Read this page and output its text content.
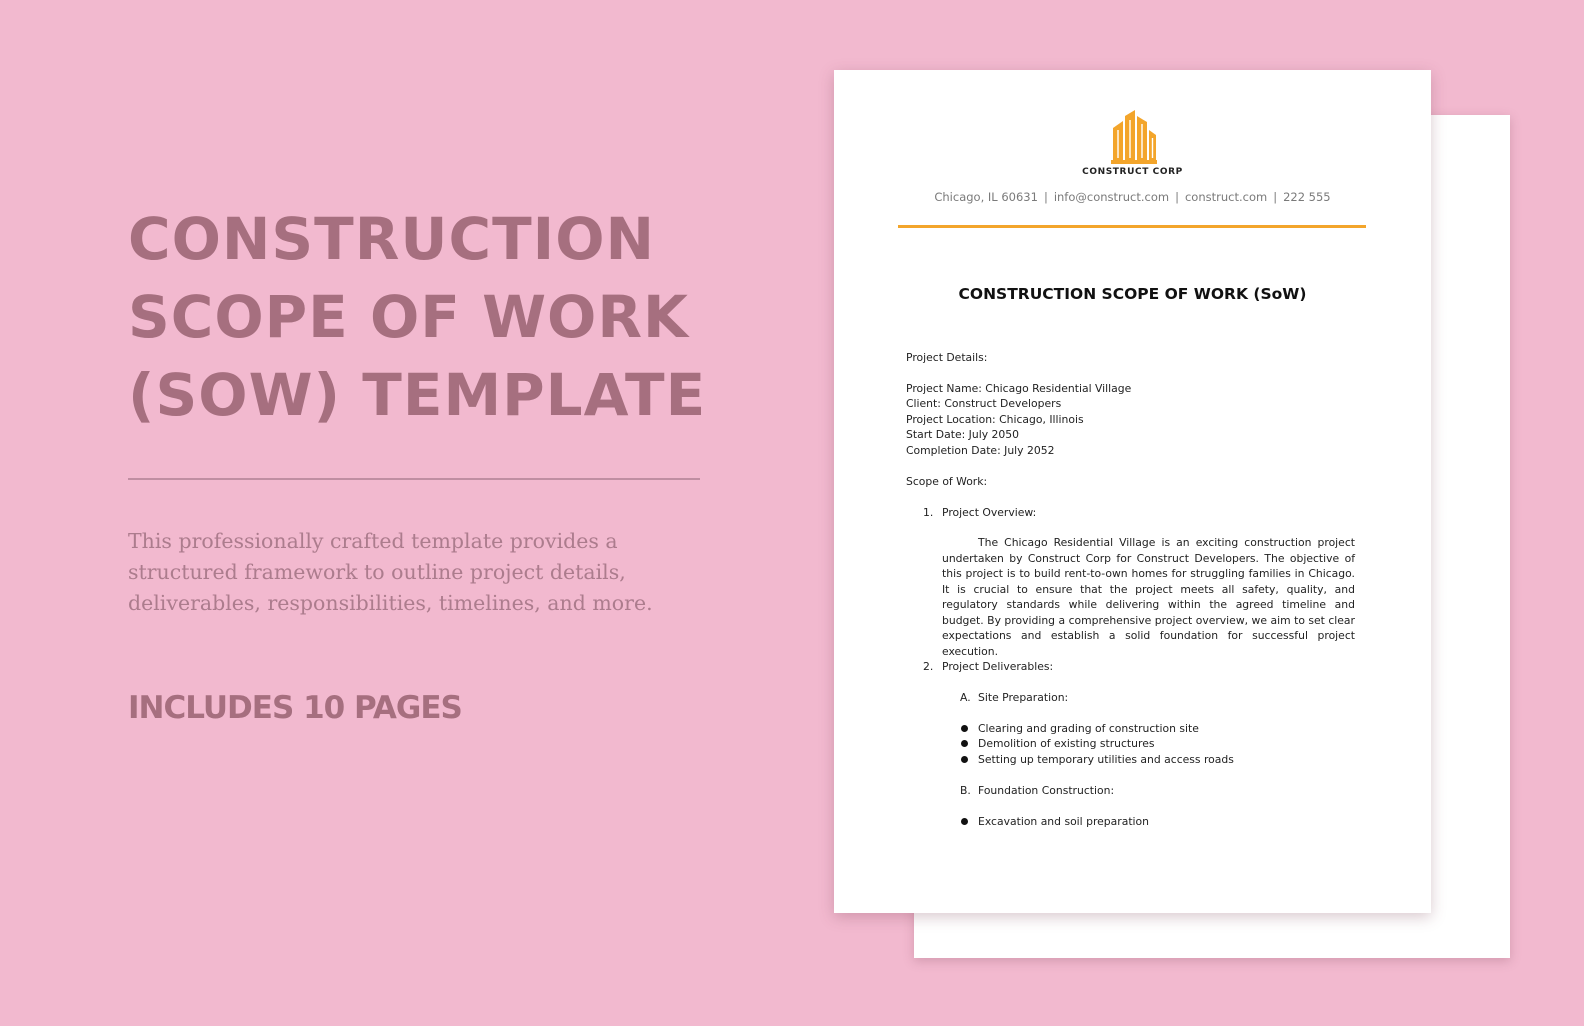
CONSTRUCTION
SCOPE OF WORK
(SOW) TEMPLATE

This professionally crafted template provides a structured framework to outline project details, deliverables, responsibilities, timelines, and more.

INCLUDES 10 PAGES

CONSTRUCT CORP
Chicago, IL 60631 | info@construct.com | construct.com | 222 555
CONSTRUCTION SCOPE OF WORK (SoW)

Project Details:

Project Name: Chicago Residential Village

Client: Construct Developers

Project Location: Chicago, Illinois

Start Date: July 2050

Completion Date: July 2052

Scope of Work:

1. Project Overview:

The Chicago Residential Village is an exciting construction project undertaken by Construct Corp for Construct Developers. The objective of this project is to build rent-to-own homes for struggling families in Chicago. It is crucial to ensure that the project meets all safety, quality, and regulatory standards while delivering within the agreed timeline and budget. By providing a comprehensive project overview, we aim to set clear expectations and establish a solid foundation for successful project execution.

2. Project Deliverables:

A. Site Preparation:

Clearing and grading of construction site

Demolition of existing structures

Setting up temporary utilities and access roads

B. Foundation Construction:

Excavation and soil preparation
